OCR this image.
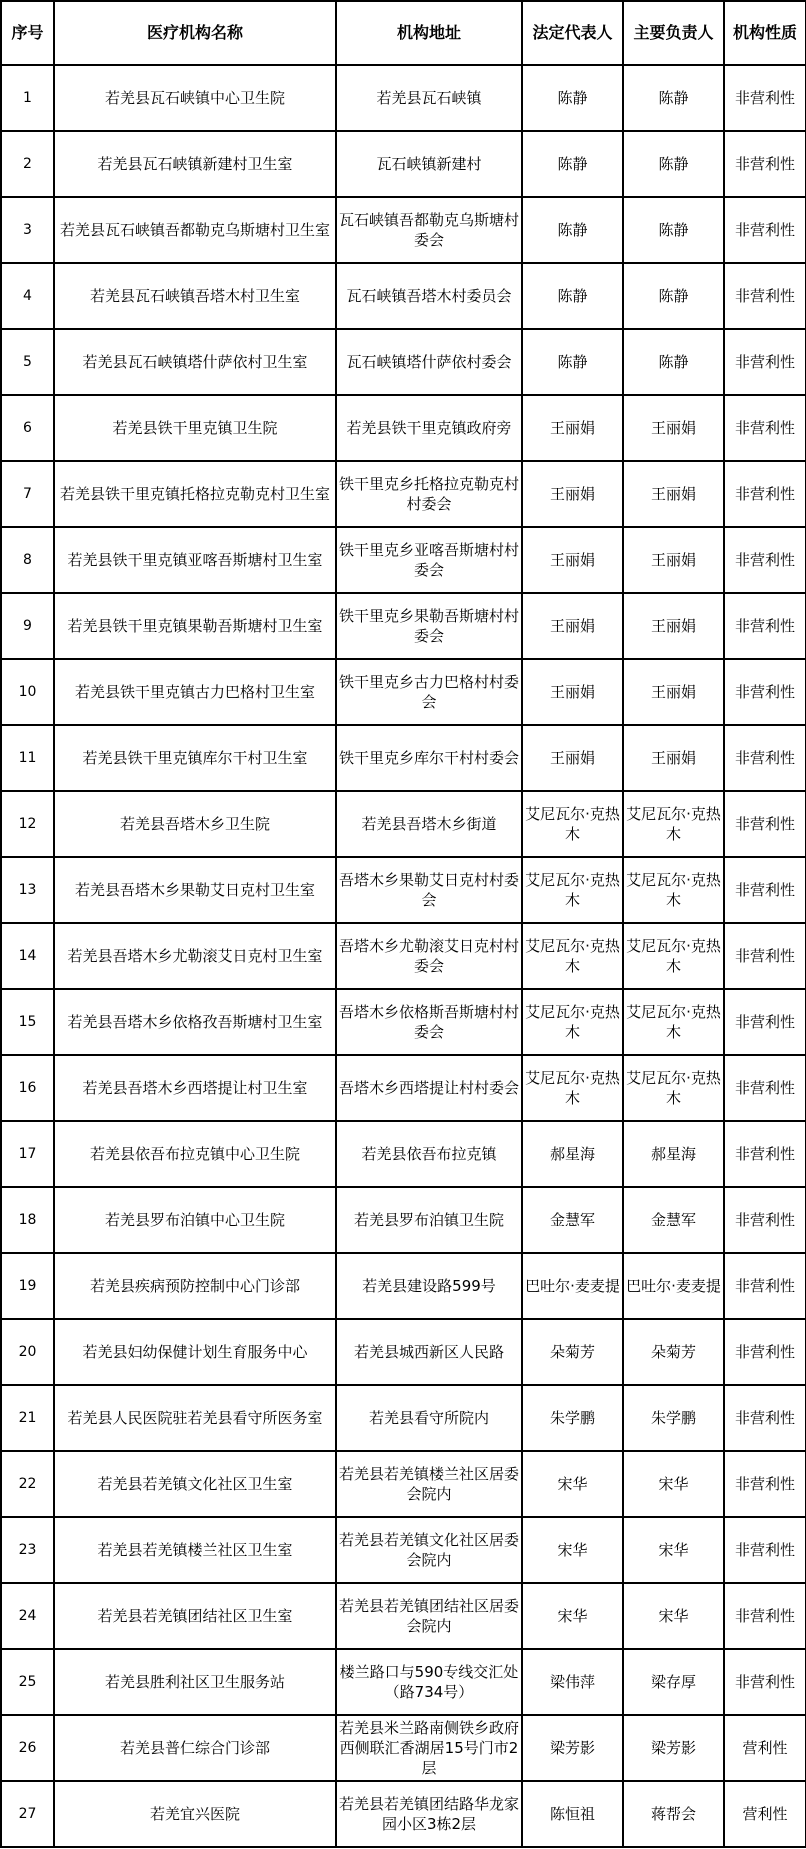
序号	医疗机构名称	机构地址	法定代表人	主要负责人	机构性质
1	若羌县瓦石峡镇中心卫生院	若羌县瓦石峡镇	陈静	陈静	非营利性
2	若羌县瓦石峡镇新建村卫生室	瓦石峡镇新建村	陈静	陈静	非营利性
3	若羌县瓦石峡镇吾都勒克乌斯塘村卫生室	瓦石峡镇吾都勒克乌斯塘村委会	陈静	陈静	非营利性
4	若羌县瓦石峡镇吾塔木村卫生室	瓦石峡镇吾塔木村委员会	陈静	陈静	非营利性
5	若羌县瓦石峡镇塔什萨依村卫生室	瓦石峡镇塔什萨依村委会	陈静	陈静	非营利性
6	若羌县铁干里克镇卫生院	若羌县铁干里克镇政府旁	王丽娟	王丽娟	非营利性
7	若羌县铁干里克镇托格拉克勒克村卫生室	铁干里克乡托格拉克勒克村村委会	王丽娟	王丽娟	非营利性
8	若羌县铁干里克镇亚喀吾斯塘村卫生室	铁干里克乡亚喀吾斯塘村村委会	王丽娟	王丽娟	非营利性
9	若羌县铁干里克镇果勒吾斯塘村卫生室	铁干里克乡果勒吾斯塘村村委会	王丽娟	王丽娟	非营利性
10	若羌县铁干里克镇古力巴格村卫生室	铁干里克乡古力巴格村村委会	王丽娟	王丽娟	非营利性
11	若羌县铁干里克镇库尔干村卫生室	铁干里克乡库尔干村村委会	王丽娟	王丽娟	非营利性
12	若羌县吾塔木乡卫生院	若羌县吾塔木乡街道	艾尼瓦尔·克热木	艾尼瓦尔·克热木	非营利性
13	若羌县吾塔木乡果勒艾日克村卫生室	吾塔木乡果勒艾日克村村委会	艾尼瓦尔·克热木	艾尼瓦尔·克热木	非营利性
14	若羌县吾塔木乡尤勒滚艾日克村卫生室	吾塔木乡尤勒滚艾日克村村委会	艾尼瓦尔·克热木	艾尼瓦尔·克热木	非营利性
15	若羌县吾塔木乡依格孜吾斯塘村卫生室	吾塔木乡依格斯吾斯塘村村委会	艾尼瓦尔·克热木	艾尼瓦尔·克热木	非营利性
16	若羌县吾塔木乡西塔提让村卫生室	吾塔木乡西塔提让村村委会	艾尼瓦尔·克热木	艾尼瓦尔·克热木	非营利性
17	若羌县依吾布拉克镇中心卫生院	若羌县依吾布拉克镇	郝星海	郝星海	非营利性
18	若羌县罗布泊镇中心卫生院	若羌县罗布泊镇卫生院	金慧军	金慧军	非营利性
19	若羌县疾病预防控制中心门诊部	若羌县建设路599号	巴吐尔·麦麦提	巴吐尔·麦麦提	非营利性
20	若羌县妇幼保健计划生育服务中心	若羌县城西新区人民路	朵菊芳	朵菊芳	非营利性
21	若羌县人民医院驻若羌县看守所医务室	若羌县看守所院内	朱学鹏	朱学鹏	非营利性
22	若羌县若羌镇文化社区卫生室	若羌县若羌镇楼兰社区居委会院内	宋华	宋华	非营利性
23	若羌县若羌镇楼兰社区卫生室	若羌县若羌镇文化社区居委会院内	宋华	宋华	非营利性
24	若羌县若羌镇团结社区卫生室	若羌县若羌镇团结社区居委会院内	宋华	宋华	非营利性
25	若羌县胜利社区卫生服务站	楼兰路口与590专线交汇处（路734号）	梁伟萍	梁存厚	非营利性
26	若羌县普仁综合门诊部	若羌县米兰路南侧铁乡政府西侧联汇香湖居15号门市2层	梁芳影	梁芳影	营利性
27	若羌宜兴医院	若羌县若羌镇团结路华龙家园小区3栋2层	陈恒祖	蒋帮会	营利性
